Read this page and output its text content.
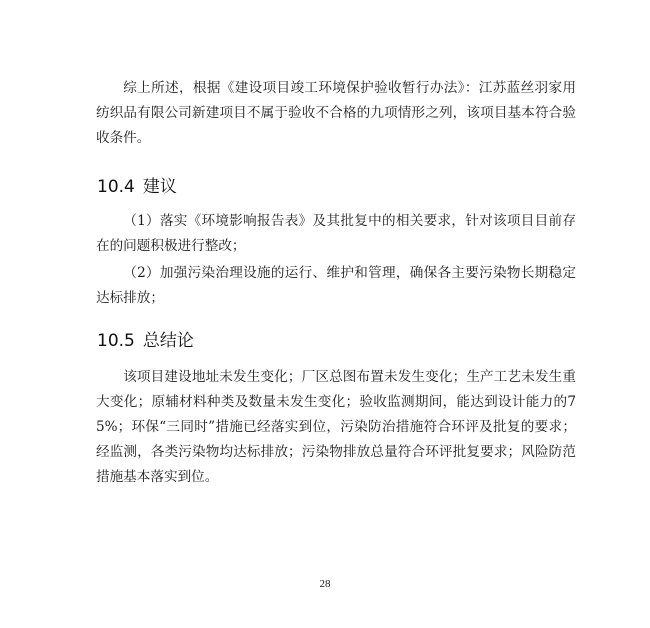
综上所述，根据《建设项目竣工环境保护验收暂行办法》：江苏蓝丝羽家用纺织品有限公司新建项目不属于验收不合格的九项情形之列，该项目基本符合验收条件。

10.4 建议

（1）落实《环境影响报告表》及其批复中的相关要求，针对该项目目前存在的问题积极进行整改；

（2）加强污染治理设施的运行、维护和管理，确保各主要污染物长期稳定达标排放；

10.5 总结论

该项目建设地址未发生变化；厂区总图布置未发生变化；生产工艺未发生重大变化；原辅材料种类及数量未发生变化；验收监测期间，能达到设计能力的75%；环保“三同时”措施已经落实到位，污染防治措施符合环评及批复的要求；经监测，各类污染物均达标排放；污染物排放总量符合环评批复要求；风险防范措施基本落实到位。

28
